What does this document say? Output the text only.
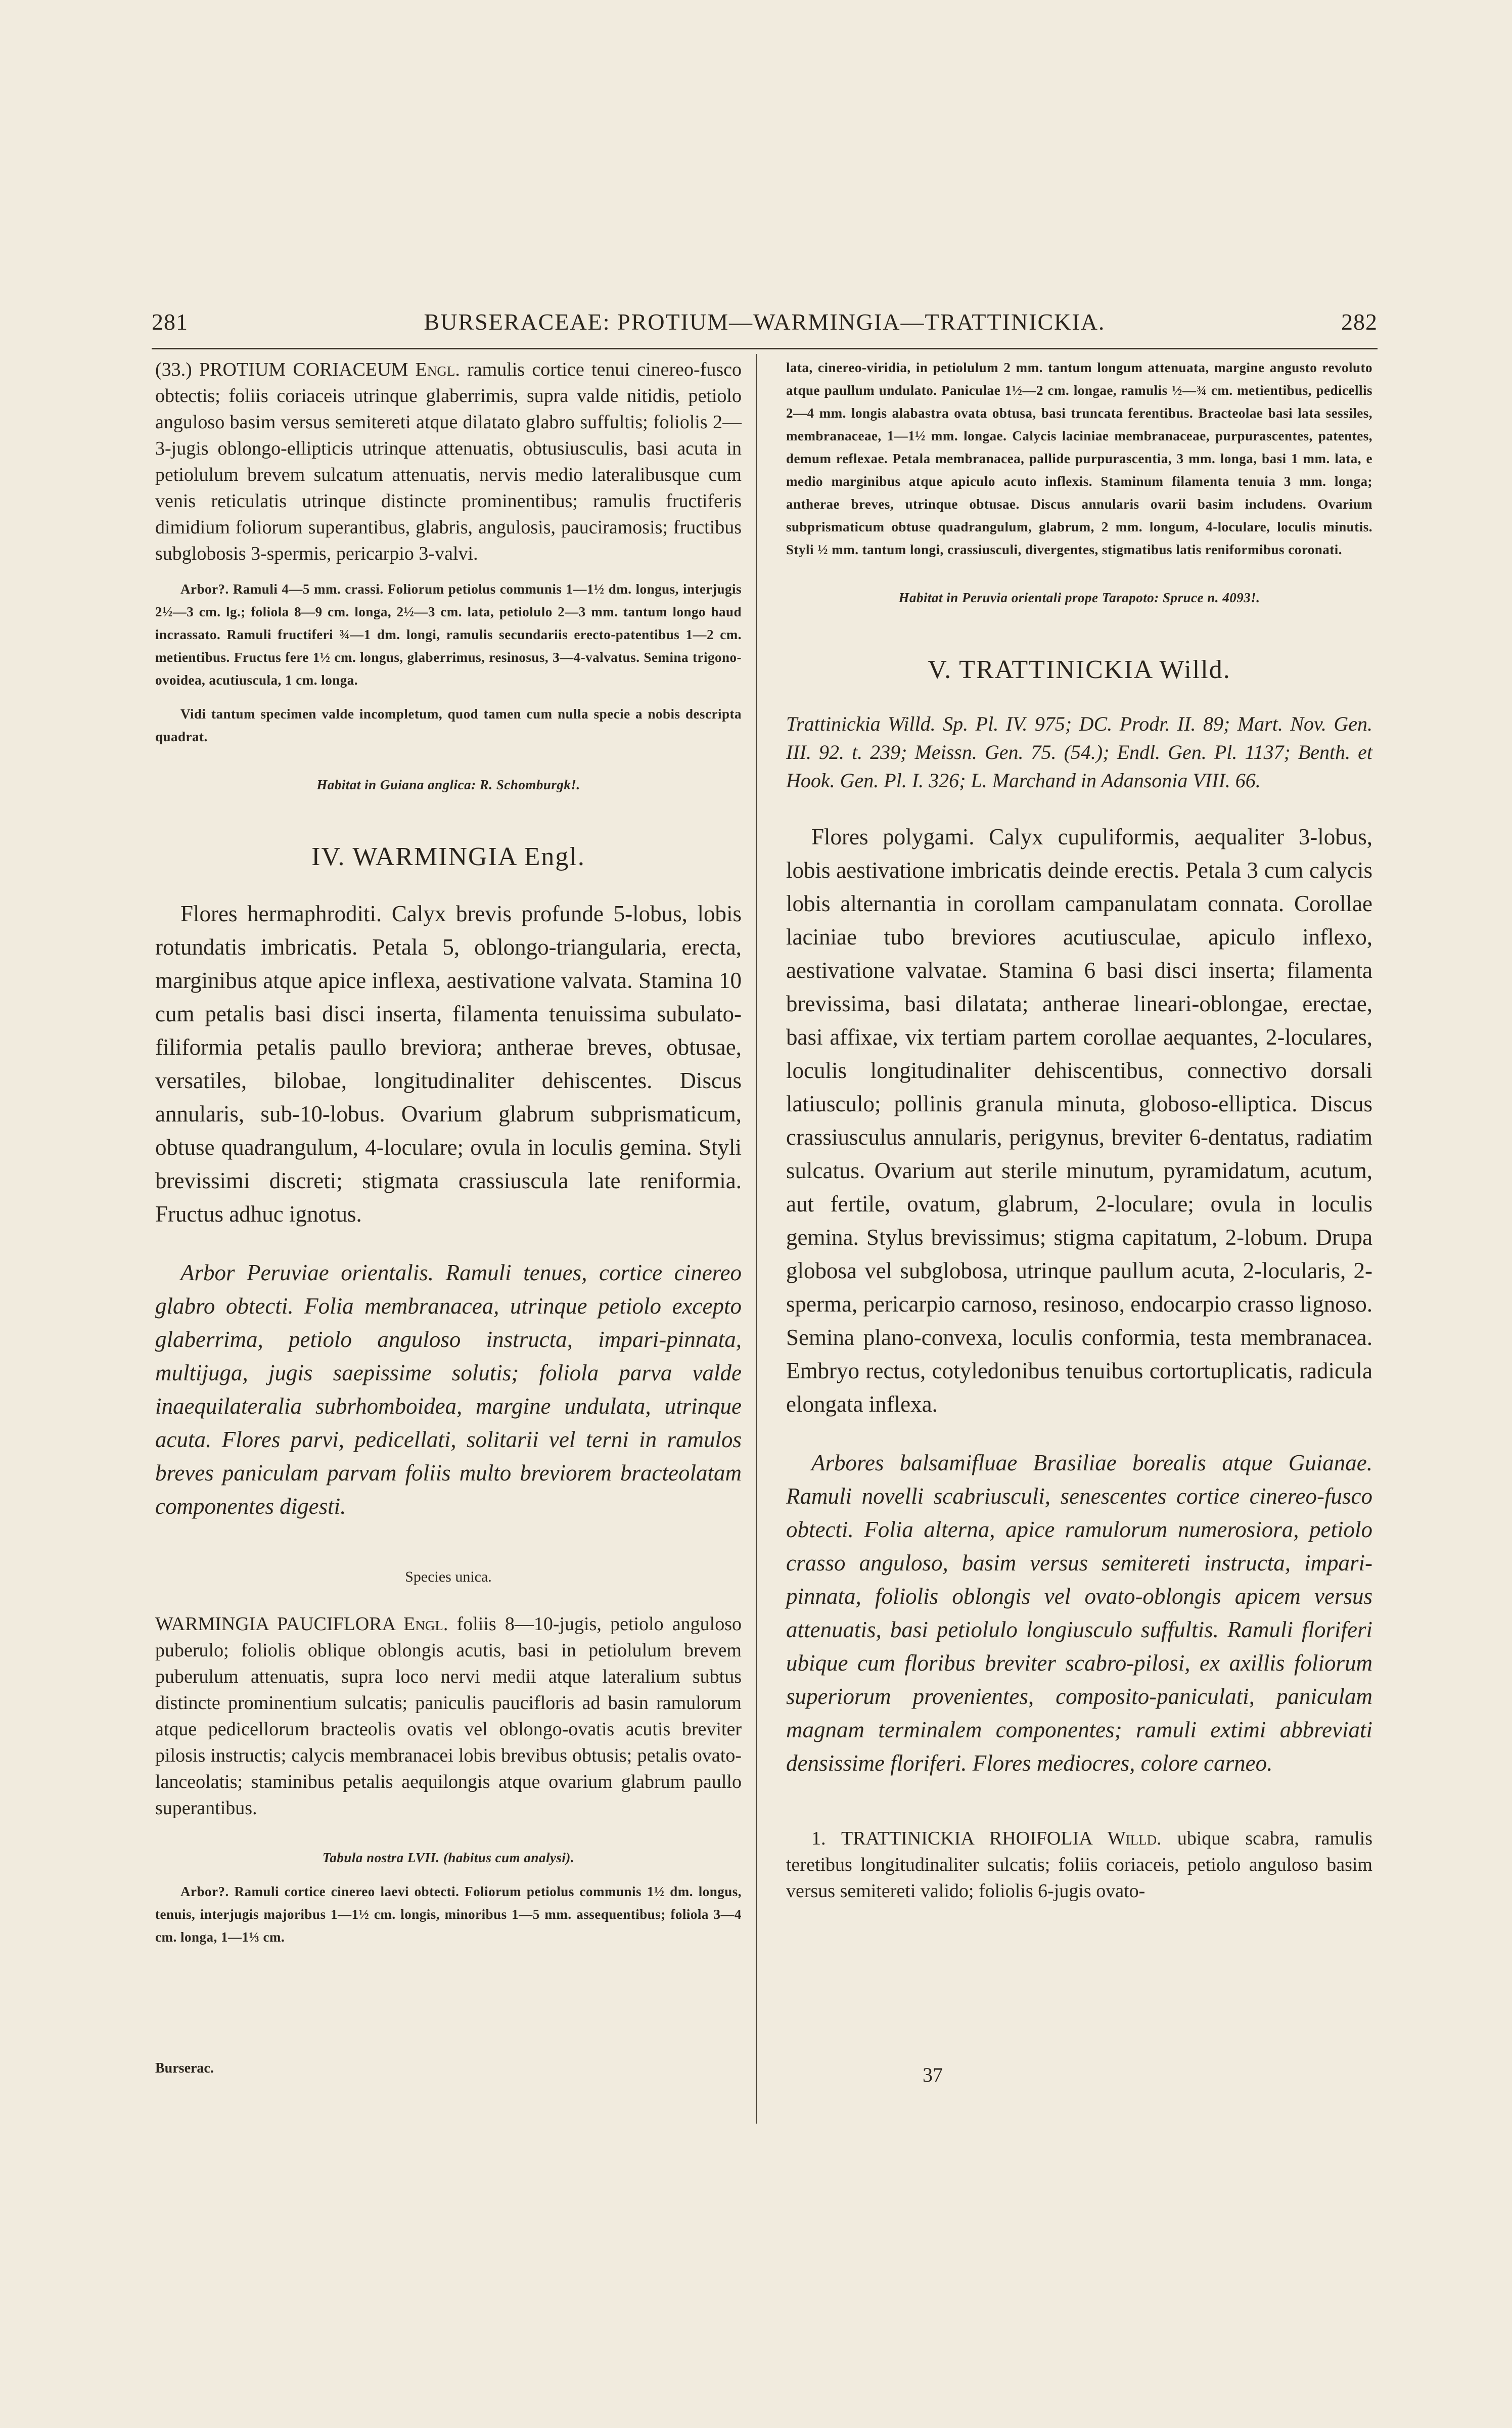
281	BURSERACEAE: PROTIUM—WARMINGIA—TRATTINICKIA.	282

(33.) PROTIUM CORIACEUM Engl. ramulis cortice tenui cinereo-fusco obtectis; foliis coriaceis utrinque glaberrimis, supra valde nitidis, petiolo anguloso basim versus semitereti atque dilatato glabro suffultis; foliolis 2—3-jugis oblongo-ellipticis utrinque attenuatis, obtusiusculis, basi acuta in petiolulum brevem sulcatum attenuatis, nervis medio lateralibusque cum venis reticulatis utrinque distincte prominentibus; ramulis fructiferis dimidium foliorum superantibus, glabris, angulosis, pauciramosis; fructibus subglobosis 3-spermis, pericarpio 3-valvi.

Arbor?. Ramuli 4—5 mm. crassi. Foliorum petiolus communis 1—1½ dm. longus, interjugis 2½—3 cm. lg.; foliola 8—9 cm. longa, 2½—3 cm. lata, petiolulo 2—3 mm. tantum longo haud incrassato. Ramuli fructiferi ¾—1 dm. longi, ramulis secundariis erecto-patentibus 1—2 cm. metientibus. Fructus fere 1½ cm. longus, glaberrimus, resinosus, 3—4-valvatus. Semina trigono-ovoidea, acutiuscula, 1 cm. longa.

Vidi tantum specimen valde incompletum, quod tamen cum nulla specie a nobis descripta quadrat.

Habitat in Guiana anglica: R. Schomburgk!.

IV. WARMINGIA Engl.

Flores hermaphroditi. Calyx brevis profunde 5-lobus, lobis rotundatis imbricatis. Petala 5, oblongo-triangularia, erecta, marginibus atque apice inflexa, aestivatione valvata. Stamina 10 cum petalis basi disci inserta, filamenta tenuissima subulato-filiformia petalis paullo breviora; antherae breves, obtusae, versatiles, bilobae, longitudinaliter dehiscentes. Discus annularis, sub-10-lobus. Ovarium glabrum subprismaticum, obtuse quadrangulum, 4-loculare; ovula in loculis gemina. Styli brevissimi discreti; stigmata crassiuscula late reniformia. Fructus adhuc ignotus.

Arbor Peruviae orientalis. Ramuli tenues, cortice cinereo glabro obtecti. Folia membranacea, utrinque petiolo excepto glaberrima, petiolo anguloso instructa, impari-pinnata, multijuga, jugis saepissime solutis; foliola parva valde inaequilateralia subrhomboidea, margine undulata, utrinque acuta. Flores parvi, pedicellati, solitarii vel terni in ramulos breves paniculam parvam foliis multo breviorem bracteolatam componentes digesti.

Species unica.

WARMINGIA PAUCIFLORA Engl. foliis 8—10-jugis, petiolo anguloso puberulo; foliolis oblique oblongis acutis, basi in petiolulum brevem puberulum attenuatis, supra loco nervi medii atque lateralium subtus distincte prominentium sulcatis; paniculis paucifloris ad basin ramulorum atque pedicellorum bracteolis ovatis vel oblongo-ovatis acutis breviter pilosis instructis; calycis membranacei lobis brevibus obtusis; petalis ovato-lanceolatis; staminibus petalis aequilongis atque ovarium glabrum paullo superantibus.

Tabula nostra LVII. (habitus cum analysi).

Arbor?. Ramuli cortice cinereo laevi obtecti. Foliorum petiolus communis 1½ dm. longus, tenuis, interjugis majoribus 1—1½ cm. longis, minoribus 1—5 mm. assequentibus; foliola 3—4 cm. longa, 1—1⅓ cm.

Burserac.

lata, cinereo-viridia, in petiolulum 2 mm. tantum longum attenuata, margine angusto revoluto atque paullum undulato. Paniculae 1½—2 cm. longae, ramulis ½—¾ cm. metientibus, pedicellis 2—4 mm. longis alabastra ovata obtusa, basi truncata ferentibus. Bracteolae basi lata sessiles, membranaceae, 1—1½ mm. longae. Calycis laciniae membranaceae, purpurascentes, patentes, demum reflexae. Petala membranacea, pallide purpurascentia, 3 mm. longa, basi 1 mm. lata, e medio marginibus atque apiculo acuto inflexis. Staminum filamenta tenuia 3 mm. longa; antherae breves, utrinque obtusae. Discus annularis ovarii basim includens. Ovarium subprismaticum obtuse quadrangulum, glabrum, 2 mm. longum, 4-loculare, loculis minutis. Styli ½ mm. tantum longi, crassiusculi, divergentes, stigmatibus latis reniformibus coronati.

Habitat in Peruvia orientali prope Tarapoto: Spruce n. 4093!.

V. TRATTINICKIA Willd.

Trattinickia Willd. Sp. Pl. IV. 975; DC. Prodr. II. 89; Mart. Nov. Gen. III. 92. t. 239; Meissn. Gen. 75. (54.); Endl. Gen. Pl. 1137; Benth. et Hook. Gen. Pl. I. 326; L. Marchand in Adansonia VIII. 66.

Flores polygami. Calyx cupuliformis, aequaliter 3-lobus, lobis aestivatione imbricatis deinde erectis. Petala 3 cum calycis lobis alternantia in corollam campanulatam connata. Corollae laciniae tubo breviores acutiusculae, apiculo inflexo, aestivatione valvatae. Stamina 6 basi disci inserta; filamenta brevissima, basi dilatata; antherae lineari-oblongae, erectae, basi affixae, vix tertiam partem corollae aequantes, 2-loculares, loculis longitudinaliter dehiscentibus, connectivo dorsali latiusculo; pollinis granula minuta, globoso-elliptica. Discus crassiusculus annularis, perigynus, breviter 6-dentatus, radiatim sulcatus. Ovarium aut sterile minutum, pyramidatum, acutum, aut fertile, ovatum, glabrum, 2-loculare; ovula in loculis gemina. Stylus brevissimus; stigma capitatum, 2-lobum. Drupa globosa vel subglobosa, utrinque paullum acuta, 2-locularis, 2-sperma, pericarpio carnoso, resinoso, endocarpio crasso lignoso. Semina plano-convexa, loculis conformia, testa membranacea. Embryo rectus, cotyledonibus tenuibus cortortuplicatis, radicula elongata inflexa.

Arbores balsamifluae Brasiliae borealis atque Guianae. Ramuli novelli scabriusculi, senescentes cortice cinereo-fusco obtecti. Folia alterna, apice ramulorum numerosiora, petiolo crasso anguloso, basim versus semitereti instructa, impari-pinnata, foliolis oblongis vel ovato-oblongis apicem versus attenuatis, basi petiolulo longiusculo suffultis. Ramuli floriferi ubique cum floribus breviter scabro-pilosi, ex axillis foliorum superiorum provenientes, composito-paniculati, paniculam magnam terminalem componentes; ramuli extimi abbreviati densissime floriferi. Flores mediocres, colore carneo.

1. TRATTINICKIA RHOIFOLIA Willd. ubique scabra, ramulis teretibus longitudinaliter sulcatis; foliis coriaceis, petiolo anguloso basim versus semitereti valido; foliolis 6-jugis ovato-

37
